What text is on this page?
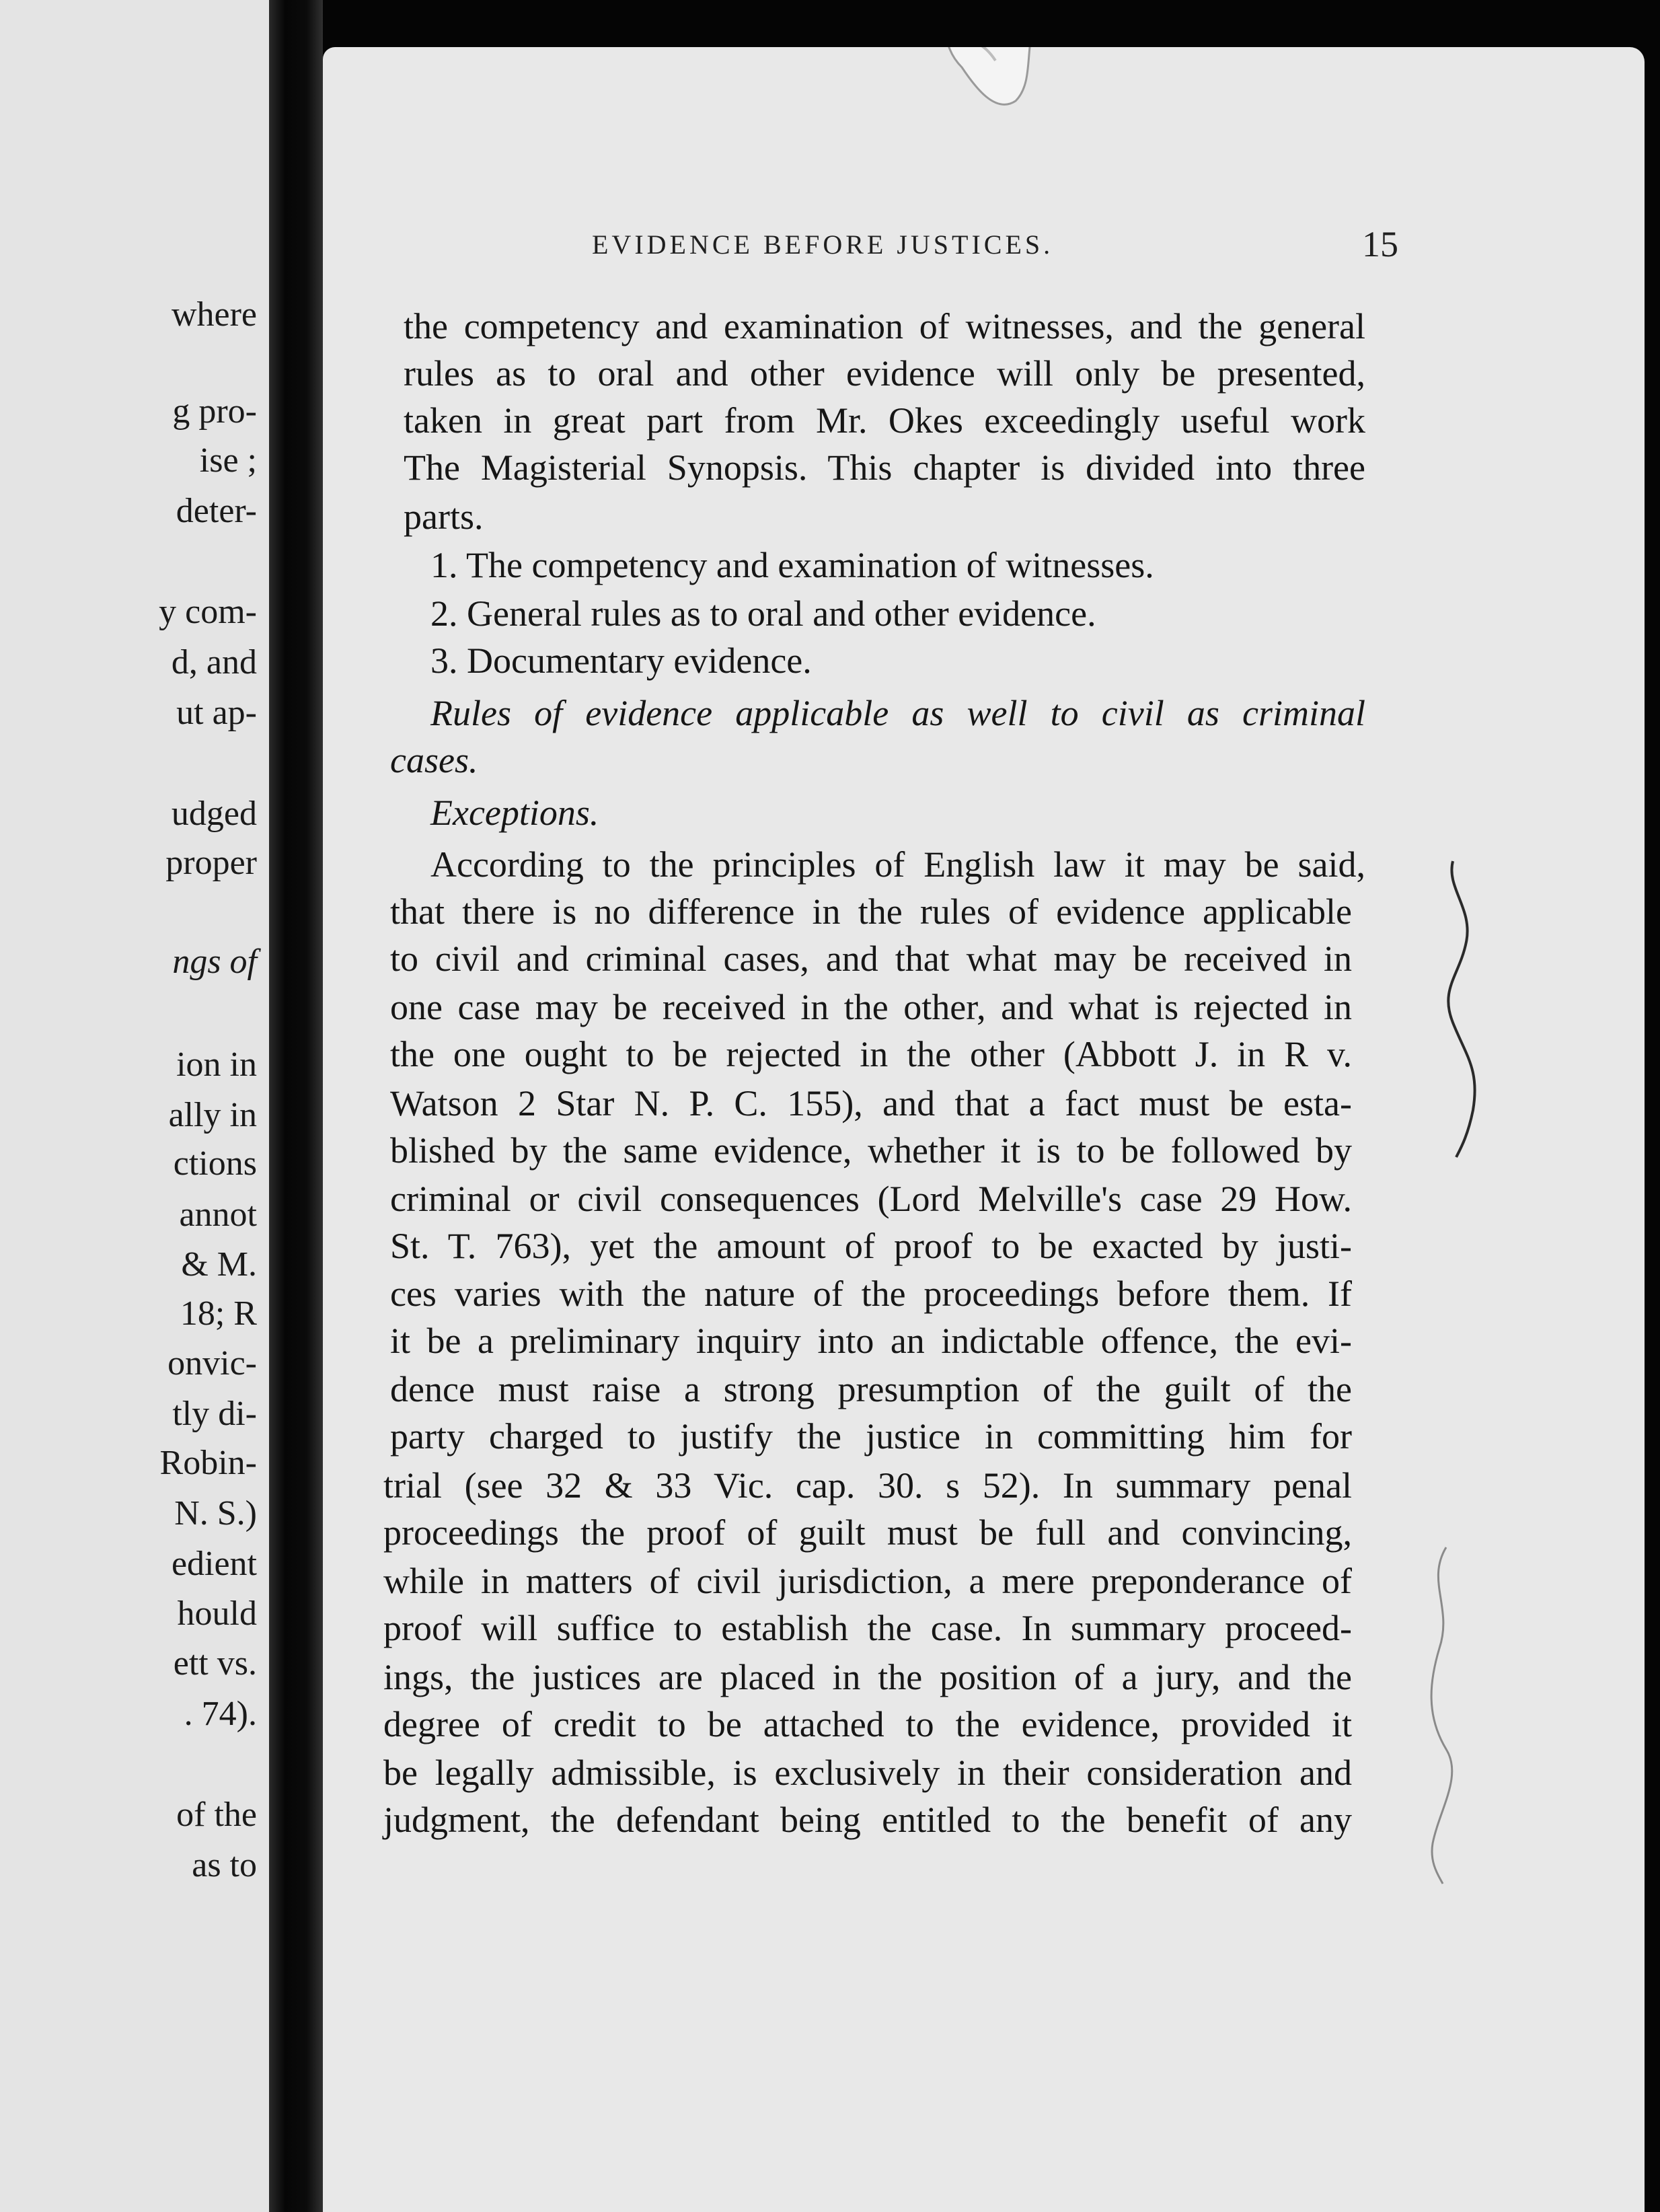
where
g pro-
ise ;
deter-
y com-
d, and
ut ap-
udged
proper
ngs of
ion in
ally in
ctions
annot
& M.
18; R
onvic-
tly di-
Robin-
N. S.)
edient
hould
ett vs.
. 74).
of the
as to
EVIDENCE BEFORE JUSTICES.	15
the competency and examination of witnesses, and the general
rules as to oral and other evidence will only be presented,
taken in great part from Mr. Okes exceedingly useful work
The Magisterial Synopsis. This chapter is divided into three
parts.
1. The competency and examination of witnesses.
2. General rules as to oral and other evidence.
3. Documentary evidence.
Rules of evidence applicable as well to civil as criminal
cases.
Exceptions.
According to the principles of English law it may be said,
that there is no difference in the rules of evidence applicable
to civil and criminal cases, and that what may be received in
one case may be received in the other, and what is rejected in
the one ought to be rejected in the other (Abbott J. in R v.
Watson 2 Star N. P. C. 155), and that a fact must be esta-
blished by the same evidence, whether it is to be followed by
criminal or civil consequences (Lord Melville's case 29 How.
St. T. 763), yet the amount of proof to be exacted by justi-
ces varies with the nature of the proceedings before them. If
it be a preliminary inquiry into an indictable offence, the evi-
dence must raise a strong presumption of the guilt of the
party charged to justify the justice in committing him for
trial (see 32 & 33 Vic. cap. 30. s 52). In summary penal
proceedings the proof of guilt must be full and convincing,
while in matters of civil jurisdiction, a mere preponderance of
proof will suffice to establish the case. In summary proceed-
ings, the justices are placed in the position of a jury, and the
degree of credit to be attached to the evidence, provided it
be legally admissible, is exclusively in their consideration and
judgment, the defendant being entitled to the benefit of any
